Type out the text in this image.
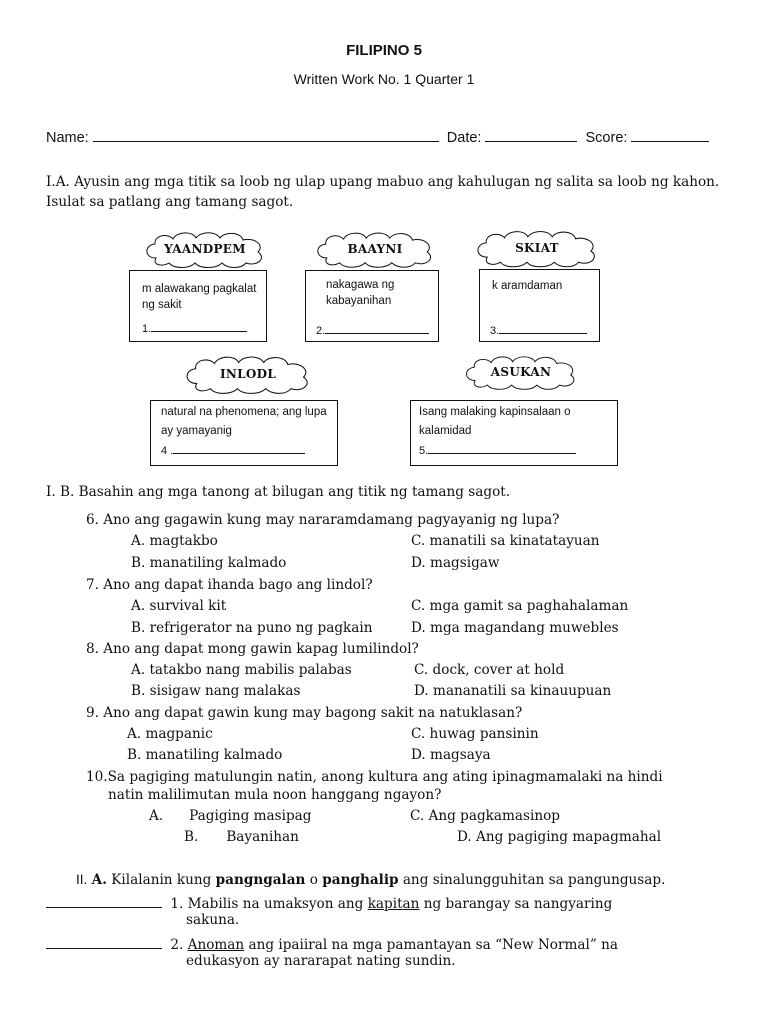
FILIPINO 5
Written Work No. 1 Quarter 1
Name:	Date:	Score:
I.A. Ayusin ang mga titik sa loob ng ulap upang mabuo ang kahulugan ng salita sa loob ng kahon. Isulat sa patlang ang tamang sagot.
YAANDPEM
m alawakang pagkalat ng sakit
1.
BAAYNI
nakagawa ng kabayanihan
2.
SKIAT
k aramdaman
3.
INLODL
natural na phenomena; ang lupa ay yamayanig
4 .
ASUKAN
Isang malaking kapinsalaan o kalamidad
5.
I. B. Basahin ang mga tanong at bilugan ang titik ng tamang sagot.
6. Ano ang gagawin kung may nararamdamang pagyayanig ng lupa?
A. magtakbo	C. manatili sa kinatatayuan
B. manatiling kalmado	D. magsigaw
7. Ano ang dapat ihanda bago ang lindol?
A. survival kit	C. mga gamit sa paghahalaman
B. refrigerator na puno ng pagkain	D. mga magandang muwebles
8. Ano ang dapat mong gawin kapag lumilindol?
A. tatakbo nang mabilis palabas	C. dock, cover at hold
B. sisigaw nang malakas	D. mananatili sa kinauupuan
9. Ano ang dapat gawin kung may bagong sakit na natuklasan?
A. magpanic	C. huwag pansinin
B. manatiling kalmado	D. magsaya
10.Sa pagiging matulungin natin, anong kultura ang ating ipinagmamalaki na hindi
natin malilimutan mula noon hanggang ngayon?
A. Pagiging masipag	C. Ang pagkamasinop
B. Bayanihan	D. Ang pagiging mapagmahal
II. A. Kilalanin kung pangngalan o panghalip ang sinalungguhitan sa pangungusap.
1. Mabilis na umaksyon ang kapitan ng barangay sa nangyaring
sakuna.
2. Anoman ang ipaiiral na mga pamantayan sa “New Normal” na
edukasyon ay nararapat nating sundin.
